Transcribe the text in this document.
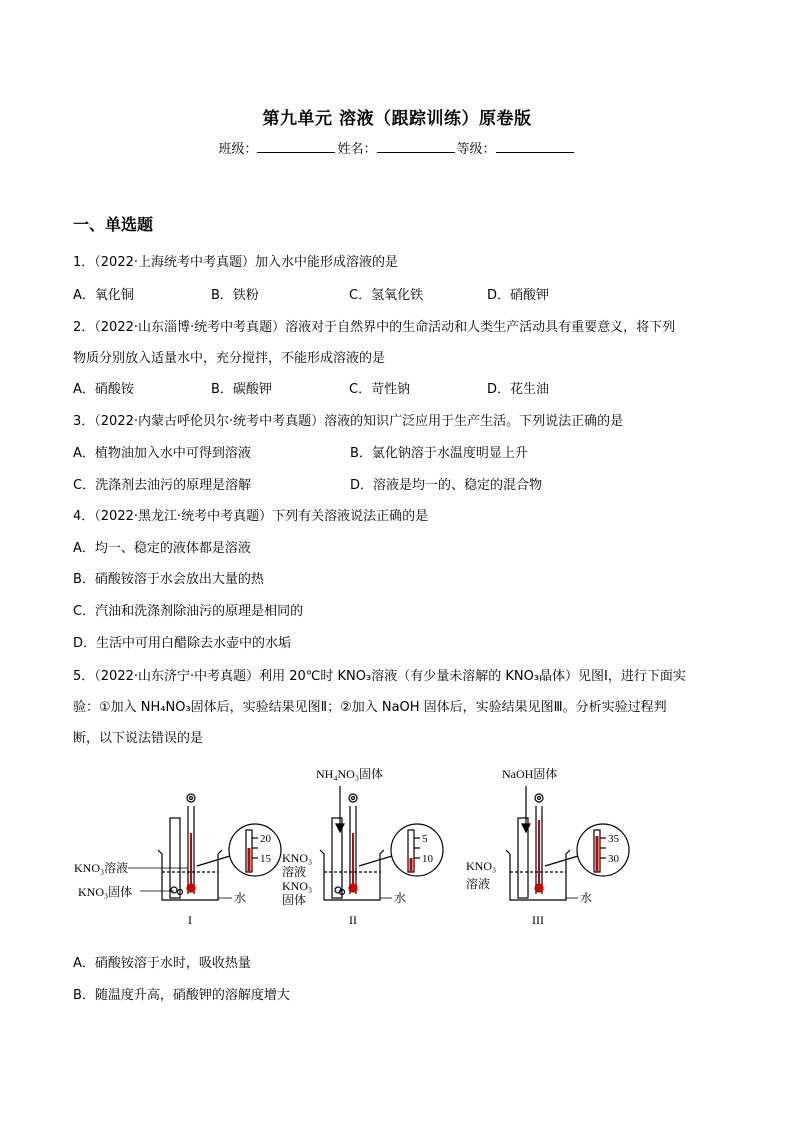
第九单元 溶液（跟踪训练）原卷版
班级：	姓名：	等级：
一、单选题
1．（2022·上海统考中考真题）加入水中能形成溶液的是
A．氧化铜	B．铁粉	C．氢氧化铁	D．硝酸钾
2．（2022·山东淄博·统考中考真题）溶液对于自然界中的生命活动和人类生产活动具有重要意义，将下列
物质分别放入适量水中，充分搅拌，不能形成溶液的是
A．硝酸铵	B．碳酸钾	C．苛性钠	D．花生油
3．（2022·内蒙古呼伦贝尔·统考中考真题）溶液的知识广泛应用于生产生活。下列说法正确的是
A．植物油加入水中可得到溶液	B．氯化钠溶于水温度明显上升
C．洗涤剂去油污的原理是溶解	D．溶液是均一的、稳定的混合物
4．（2022·黑龙江·统考中考真题）下列有关溶液说法正确的是
A．均一、稳定的液体都是溶液
B．硝酸铵溶于水会放出大量的热
C．汽油和洗涤剂除油污的原理是相同的
D．生活中可用白醋除去水壶中的水垢
5．（2022·山东济宁·中考真题）利用 20℃时 KNO₃溶液（有少量未溶解的 KNO₃晶体）见图Ⅰ，进行下面实
验：①加入 NH₄NO₃固体后，实验结果见图Ⅱ；②加入 NaOH 固体后，实验结果见图Ⅲ。分析实验过程判
断，以下说法错误的是
KNO₃溶液
KNO₃固体	水
20
15
I
NH₄NO₃固体
KNO₃
溶液
KNO₃
固体	水
5
10
II
NaOH固体
KNO₃
溶液
水
35
30
III
A．硝酸铵溶于水时，吸收热量
B．随温度升高，硝酸钾的溶解度增大
